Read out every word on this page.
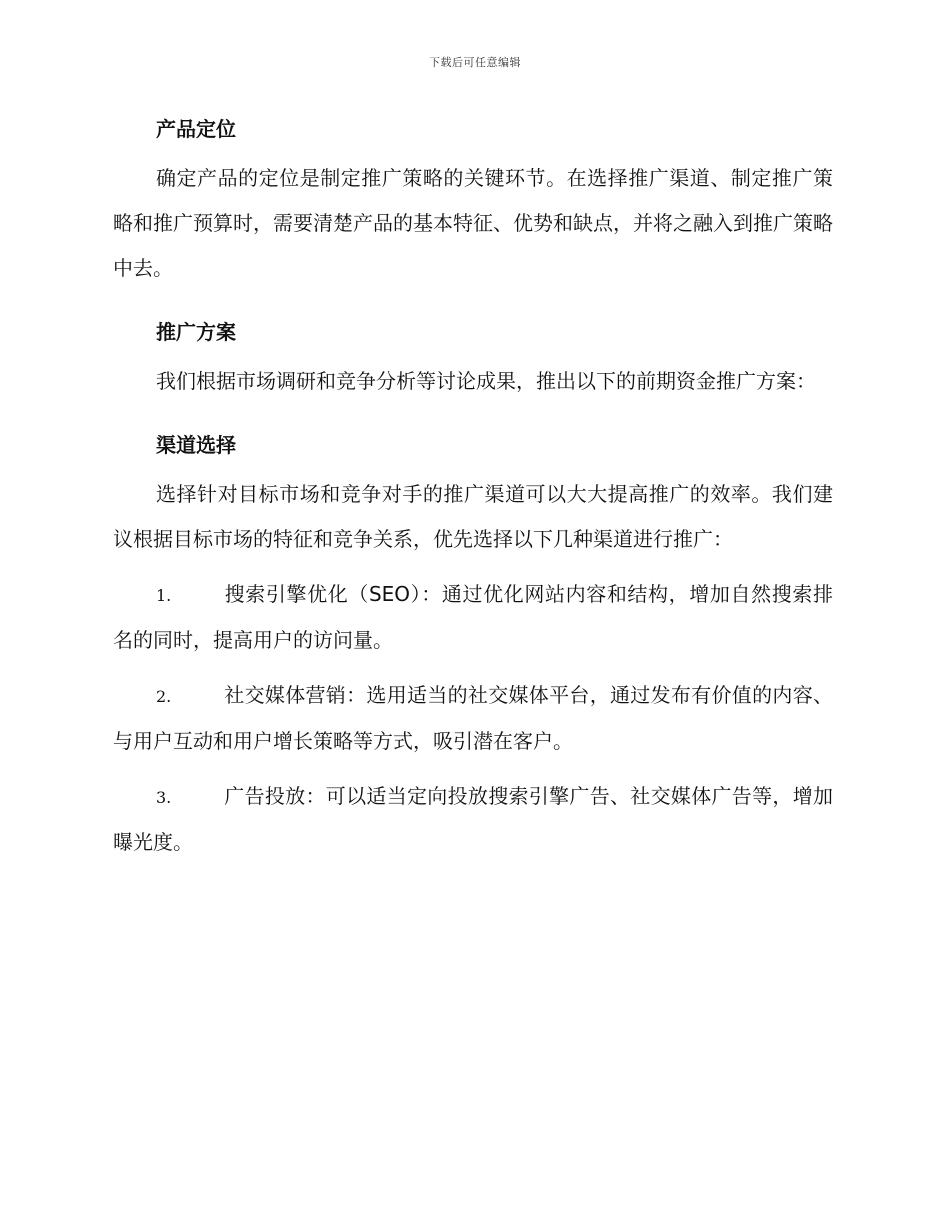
下载后可任意编辑
产品定位

确定产品的定位是制定推广策略的关键环节。在选择推广渠道、制定推广策略和推广预算时，需要清楚产品的基本特征、优势和缺点，并将之融入到推广策略中去。

推广方案

我们根据市场调研和竞争分析等讨论成果，推出以下的前期资金推广方案：

渠道选择

选择针对目标市场和竞争对手的推广渠道可以大大提高推广的效率。我们建议根据目标市场的特征和竞争关系，优先选择以下几种渠道进行推广：

1.	搜索引擎优化（SEO）：通过优化网站内容和结构，增加自然搜索排名的同时，提高用户的访问量。

2.	社交媒体营销：选用适当的社交媒体平台，通过发布有价值的内容、与用户互动和用户增长策略等方式，吸引潜在客户。

3.	广告投放：可以适当定向投放搜索引擎广告、社交媒体广告等，增加曝光度。
